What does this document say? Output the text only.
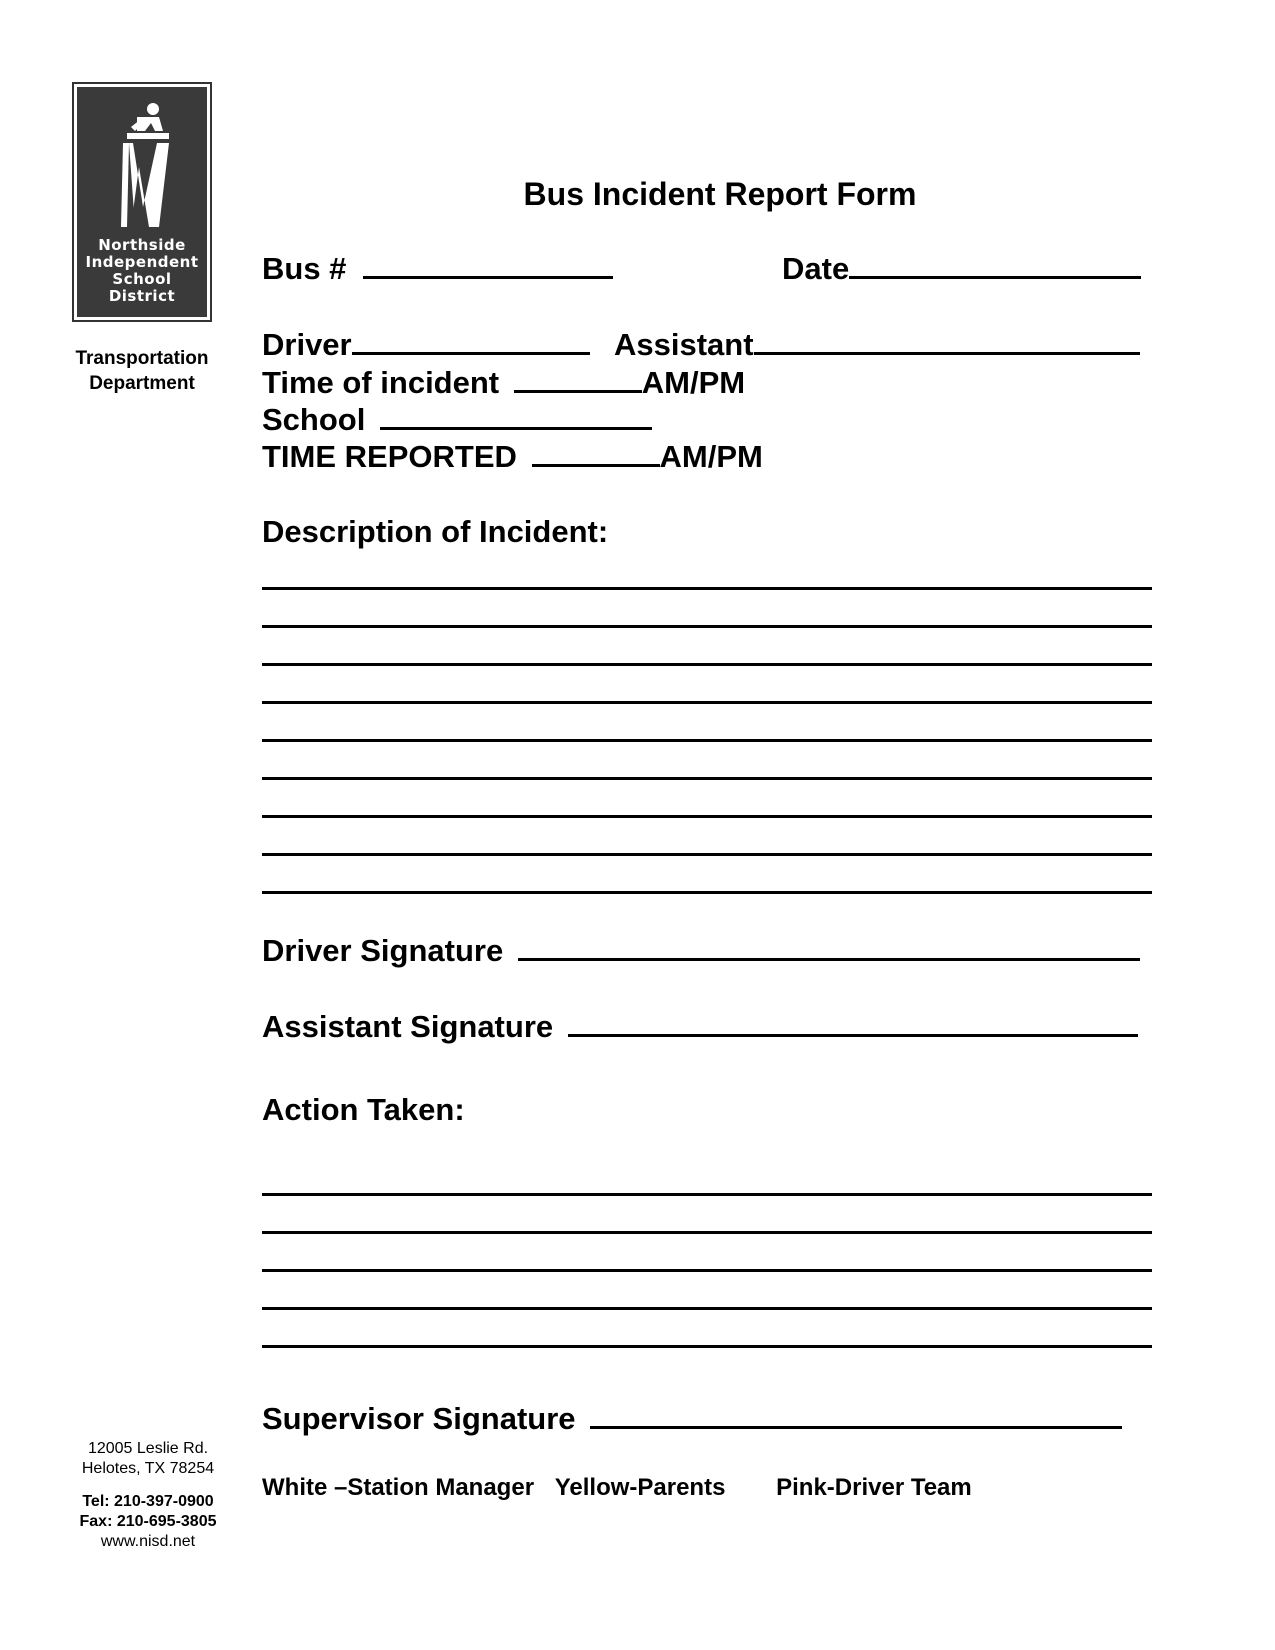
Northside
Independent
School
District
Transportation
Department
Bus Incident Report Form
Bus #	Date
Driver	Assistant
Time of incident	AM/PM
School
TIME REPORTED	AM/PM
Description of Incident:
Driver Signature
Assistant Signature
Action Taken:
Supervisor Signature
White –Station Manager Yellow-Parents Pink-Driver Team
12005 Leslie Rd.
Helotes, TX 78254
Tel: 210-397-0900
Fax: 210-695-3805
www.nisd.net
